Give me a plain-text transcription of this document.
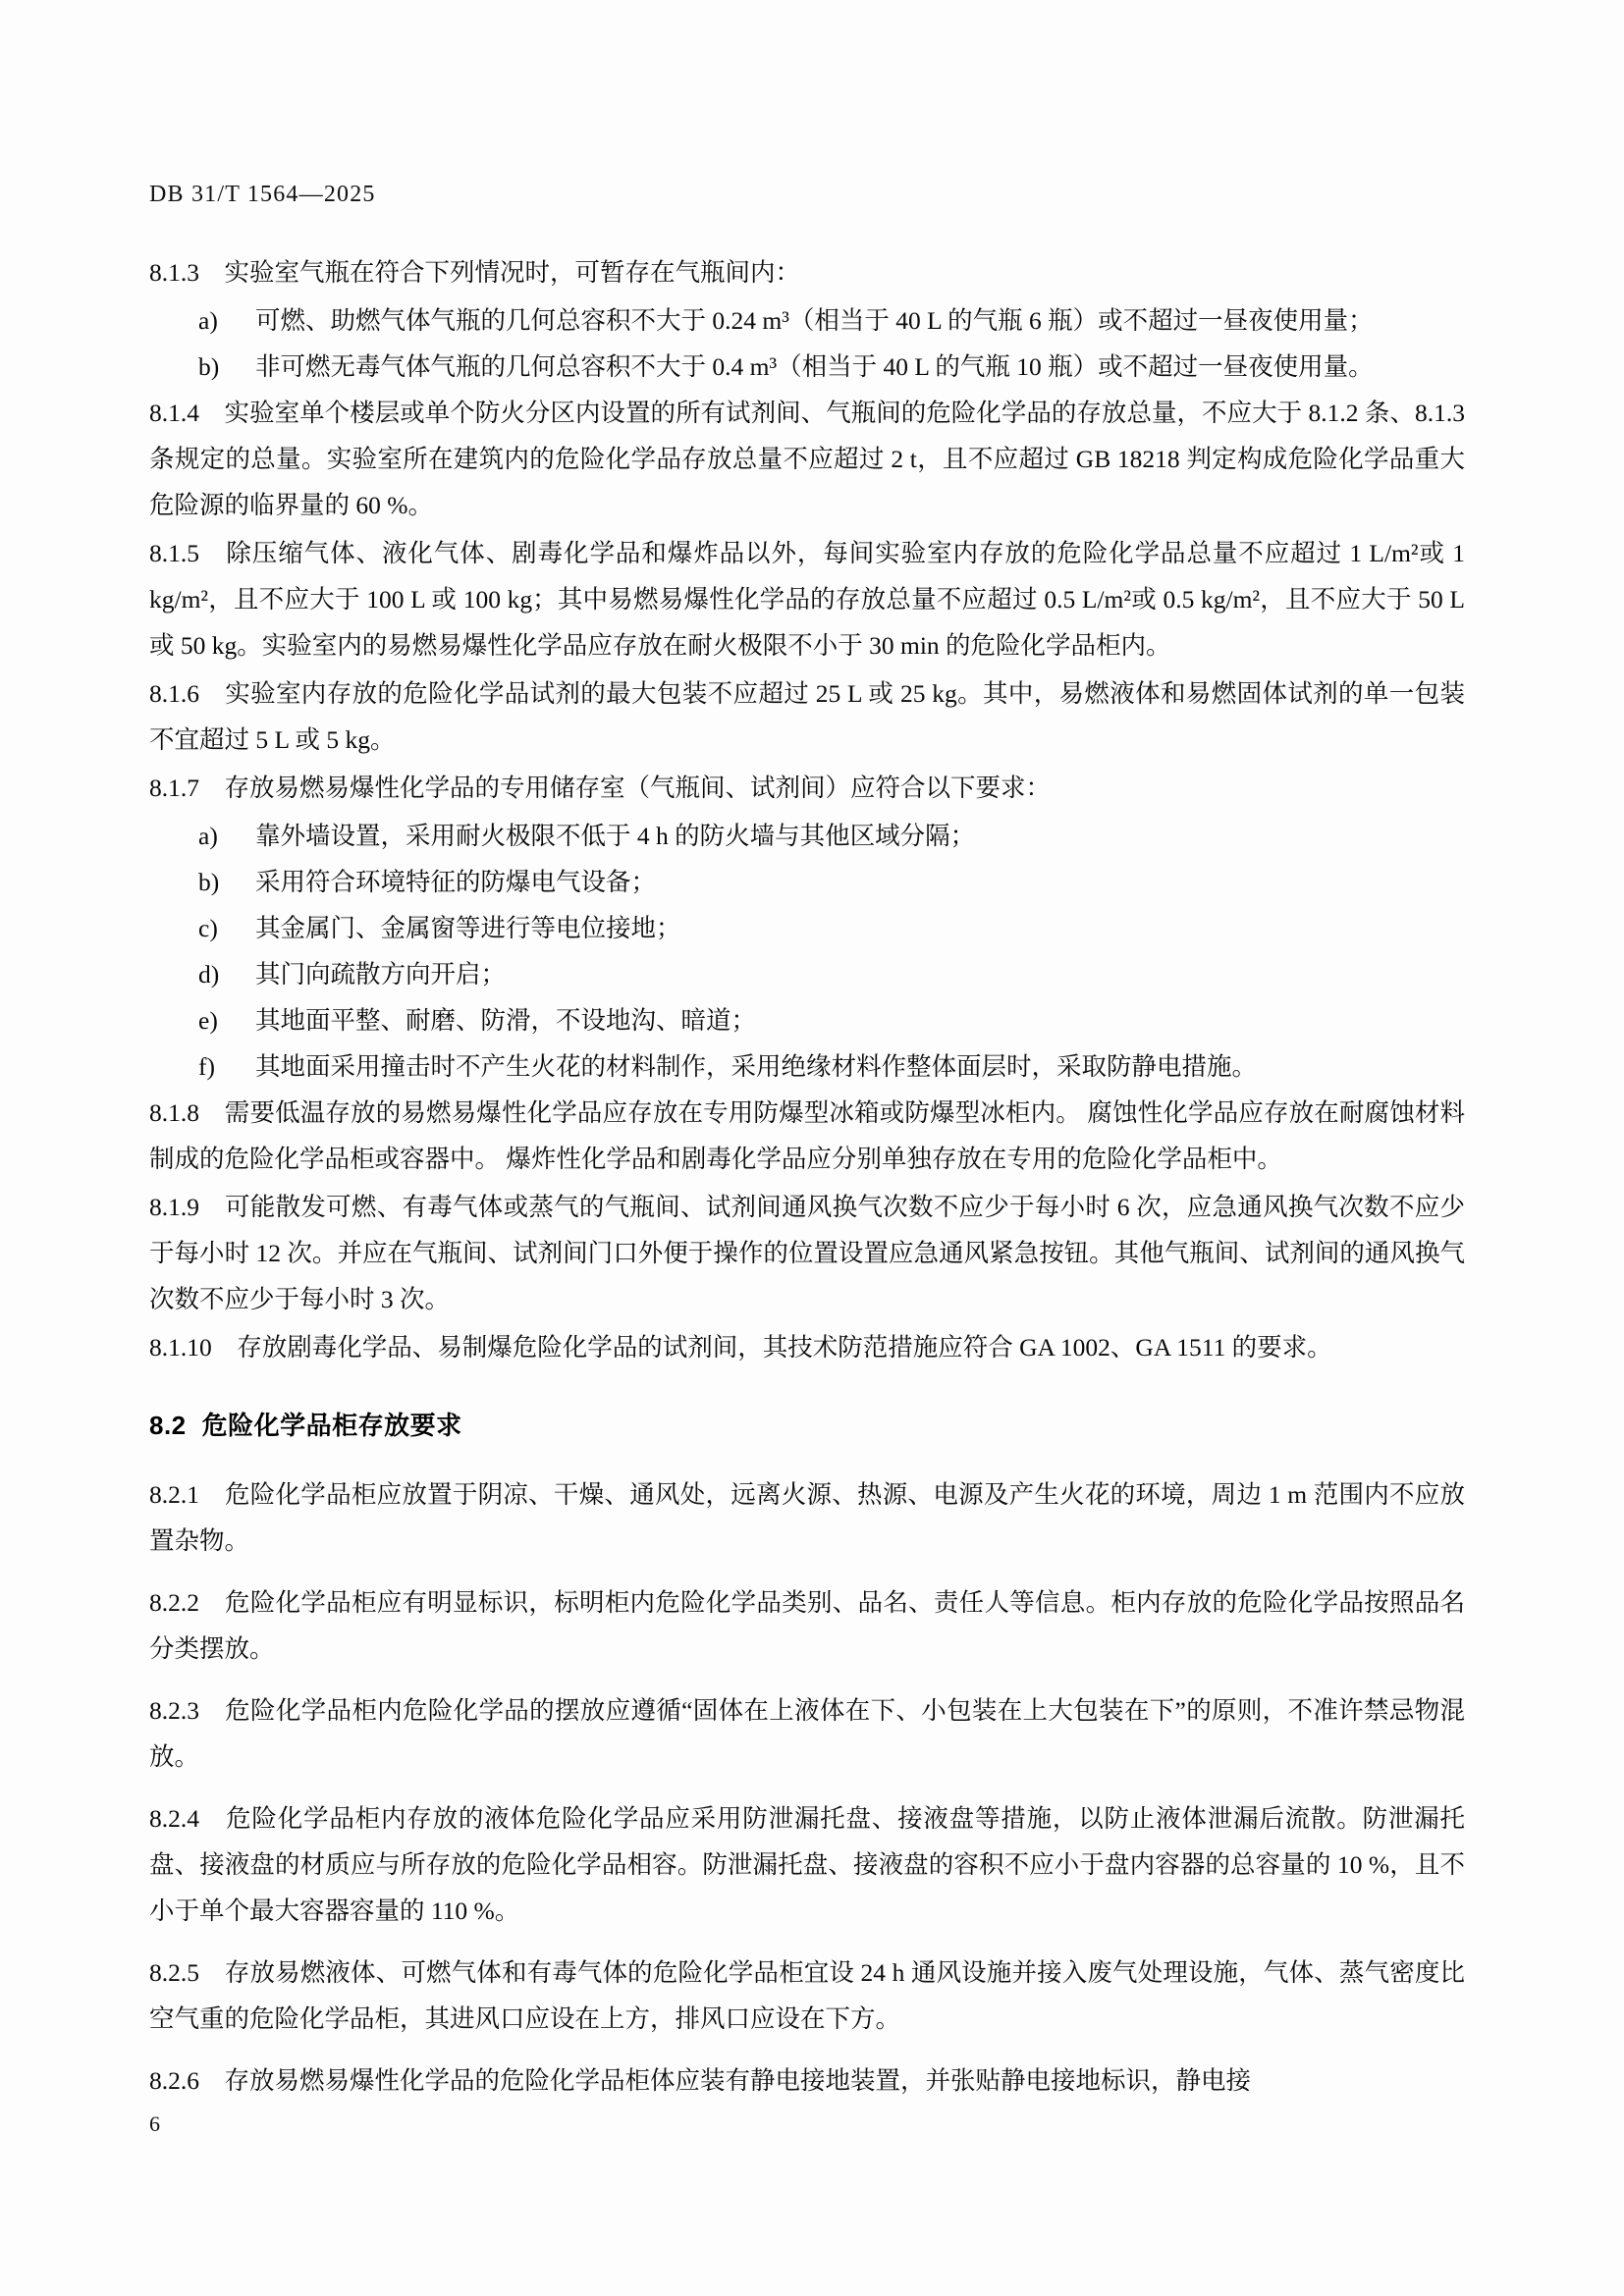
DB 31/T 1564—2025

8.1.3　实验室气瓶在符合下列情况时，可暂存在气瓶间内：

a)	可燃、助燃气体气瓶的几何总容积不大于 0.24 m³（相当于 40 L 的气瓶 6 瓶）或不超过一昼夜使用量；
b)	非可燃无毒气体气瓶的几何总容积不大于 0.4 m³（相当于 40 L 的气瓶 10 瓶）或不超过一昼夜使用量。

8.1.4　实验室单个楼层或单个防火分区内设置的所有试剂间、气瓶间的危险化学品的存放总量，不应大于 8.1.2 条、8.1.3 条规定的总量。实验室所在建筑内的危险化学品存放总量不应超过 2 t，且不应超过 GB 18218 判定构成危险化学品重大危险源的临界量的 60 %。

8.1.5　除压缩气体、液化气体、剧毒化学品和爆炸品以外，每间实验室内存放的危险化学品总量不应超过 1 L/m²或 1 kg/m²，且不应大于 100 L 或 100 kg；其中易燃易爆性化学品的存放总量不应超过 0.5 L/m²或 0.5 kg/m²，且不应大于 50 L 或 50 kg。实验室内的易燃易爆性化学品应存放在耐火极限不小于 30 min 的危险化学品柜内。

8.1.6　实验室内存放的危险化学品试剂的最大包装不应超过 25 L 或 25 kg。其中，易燃液体和易燃固体试剂的单一包装不宜超过 5 L 或 5 kg。

8.1.7　存放易燃易爆性化学品的专用储存室（气瓶间、试剂间）应符合以下要求：

a)	靠外墙设置，采用耐火极限不低于 4 h 的防火墙与其他区域分隔；
b)	采用符合环境特征的防爆电气设备；
c)	其金属门、金属窗等进行等电位接地；
d)	其门向疏散方向开启；
e)	其地面平整、耐磨、防滑，不设地沟、暗道；
f)	其地面采用撞击时不产生火花的材料制作，采用绝缘材料作整体面层时，采取防静电措施。

8.1.8　需要低温存放的易燃易爆性化学品应存放在专用防爆型冰箱或防爆型冰柜内。 腐蚀性化学品应存放在耐腐蚀材料制成的危险化学品柜或容器中。 爆炸性化学品和剧毒化学品应分别单独存放在专用的危险化学品柜中。

8.1.9　可能散发可燃、有毒气体或蒸气的气瓶间、试剂间通风换气次数不应少于每小时 6 次，应急通风换气次数不应少于每小时 12 次。并应在气瓶间、试剂间门口外便于操作的位置设置应急通风紧急按钮。其他气瓶间、试剂间的通风换气次数不应少于每小时 3 次。

8.1.10　存放剧毒化学品、易制爆危险化学品的试剂间，其技术防范措施应符合 GA 1002、GA 1511 的要求。

8.2 危险化学品柜存放要求

8.2.1　危险化学品柜应放置于阴凉、干燥、通风处，远离火源、热源、电源及产生火花的环境，周边 1 m 范围内不应放置杂物。

8.2.2　危险化学品柜应有明显标识，标明柜内危险化学品类别、品名、责任人等信息。柜内存放的危险化学品按照品名分类摆放。

8.2.3　危险化学品柜内危险化学品的摆放应遵循“固体在上液体在下、小包装在上大包装在下”的原则，不准许禁忌物混放。

8.2.4　危险化学品柜内存放的液体危险化学品应采用防泄漏托盘、接液盘等措施，以防止液体泄漏后流散。防泄漏托盘、接液盘的材质应与所存放的危险化学品相容。防泄漏托盘、接液盘的容积不应小于盘内容器的总容量的 10 %，且不小于单个最大容器容量的 110 %。

8.2.5　存放易燃液体、可燃气体和有毒气体的危险化学品柜宜设 24 h 通风设施并接入废气处理设施，气体、蒸气密度比空气重的危险化学品柜，其进风口应设在上方，排风口应设在下方。

8.2.6　存放易燃易爆性化学品的危险化学品柜体应装有静电接地装置，并张贴静电接地标识，静电接

6
